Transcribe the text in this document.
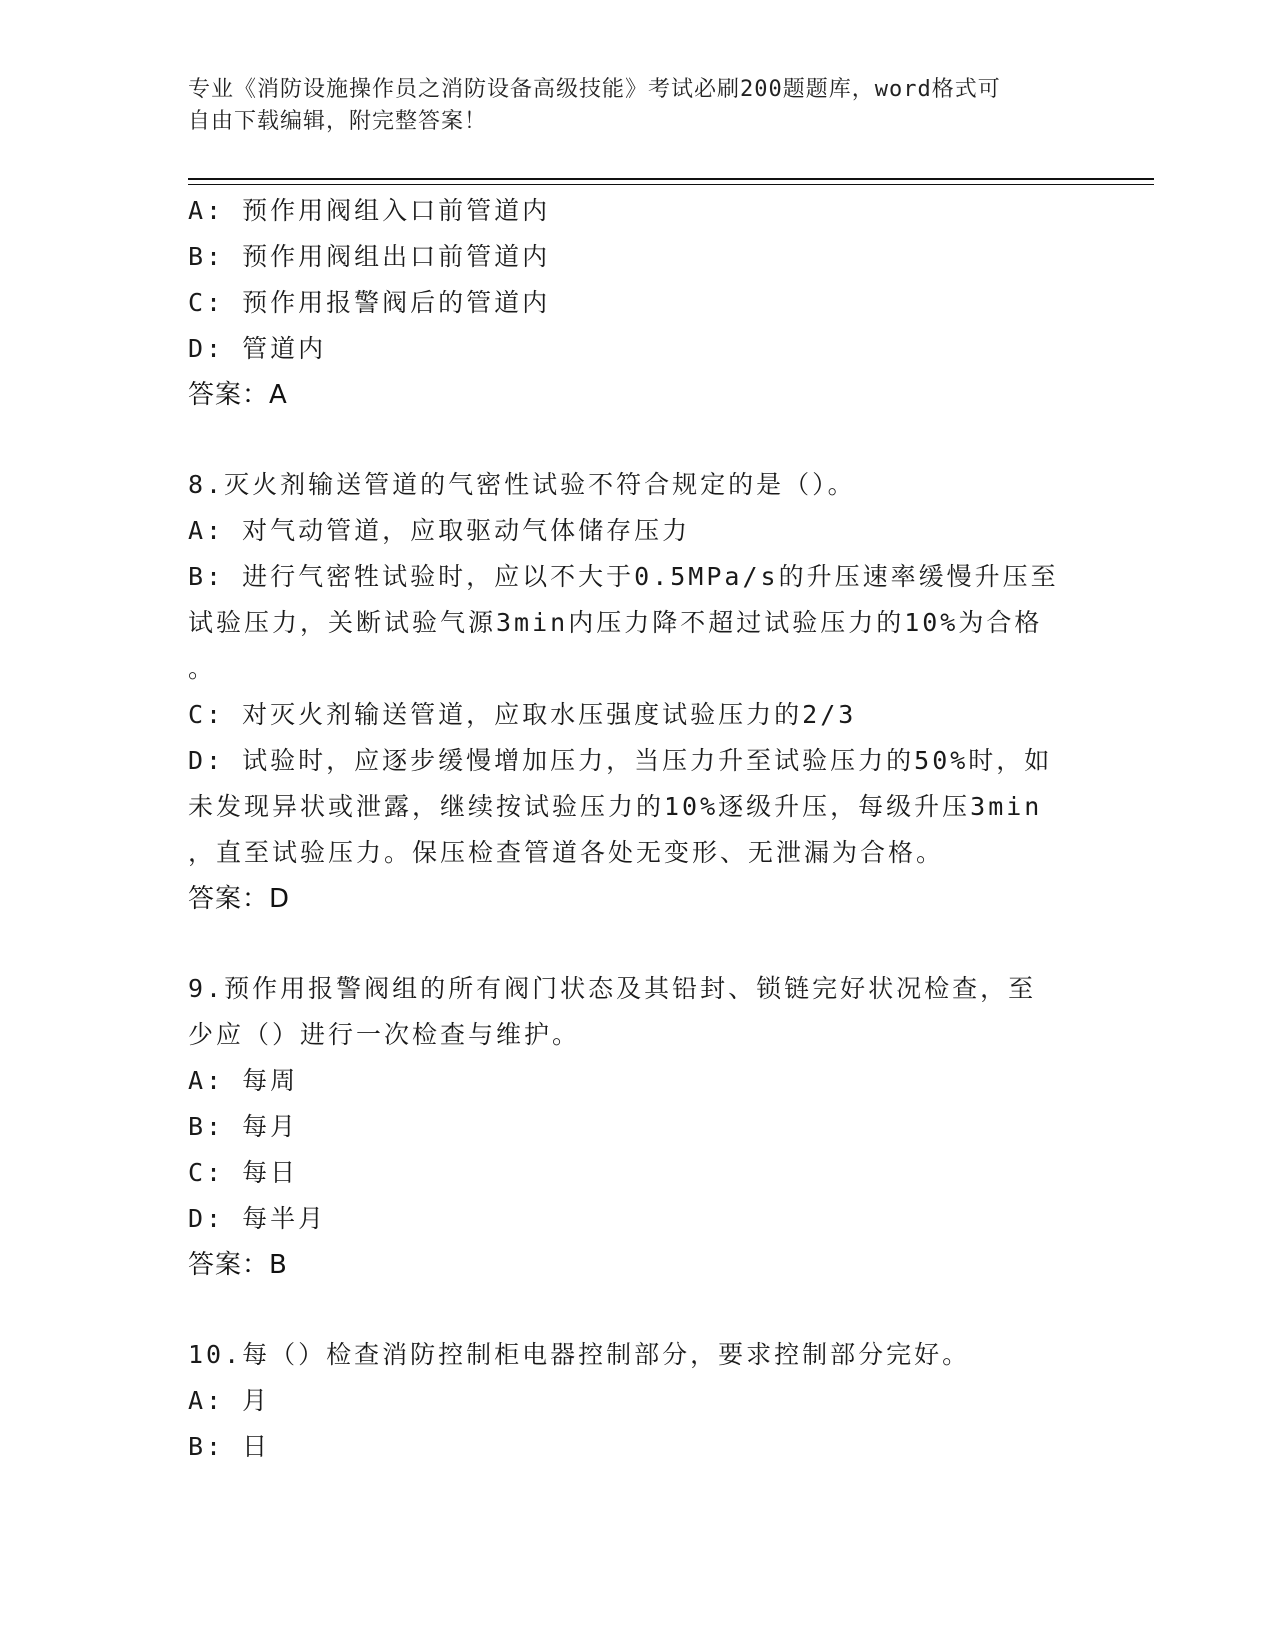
专业《消防设施操作员之消防设备高级技能》考试必刷200题题库，word格式可
自由下载编辑，附完整答案！
A: 预作用阀组入口前管道内
B: 预作用阀组出口前管道内
C: 预作用报警阀后的管道内
D: 管道内
答案：A
8.灭火剂输送管道的气密性试验不符合规定的是（）。
A: 对气动管道，应取驱动气体储存压力
B: 进行气密牲试验时，应以不大于0.5MPa/s的升压速率缓慢升压至
试验压力，关断试验气源3min内压力降不超过试验压力的10%为合格
。
C: 对灭火剂输送管道，应取水压强度试验压力的2/3
D: 试验时，应逐步缓慢增加压力，当压力升至试验压力的50%时，如
未发现异状或泄露，继续按试验压力的10%逐级升压，每级升压3min
，直至试验压力。保压检查管道各处无变形、无泄漏为合格。
答案：D
9.预作用报警阀组的所有阀门状态及其铅封、锁链完好状况检查，至
少应（）进行一次检查与维护。
A: 每周
B: 每月
C: 每日
D: 每半月
答案：B
10.每（）检查消防控制柜电器控制部分，要求控制部分完好。
A: 月
B: 日
